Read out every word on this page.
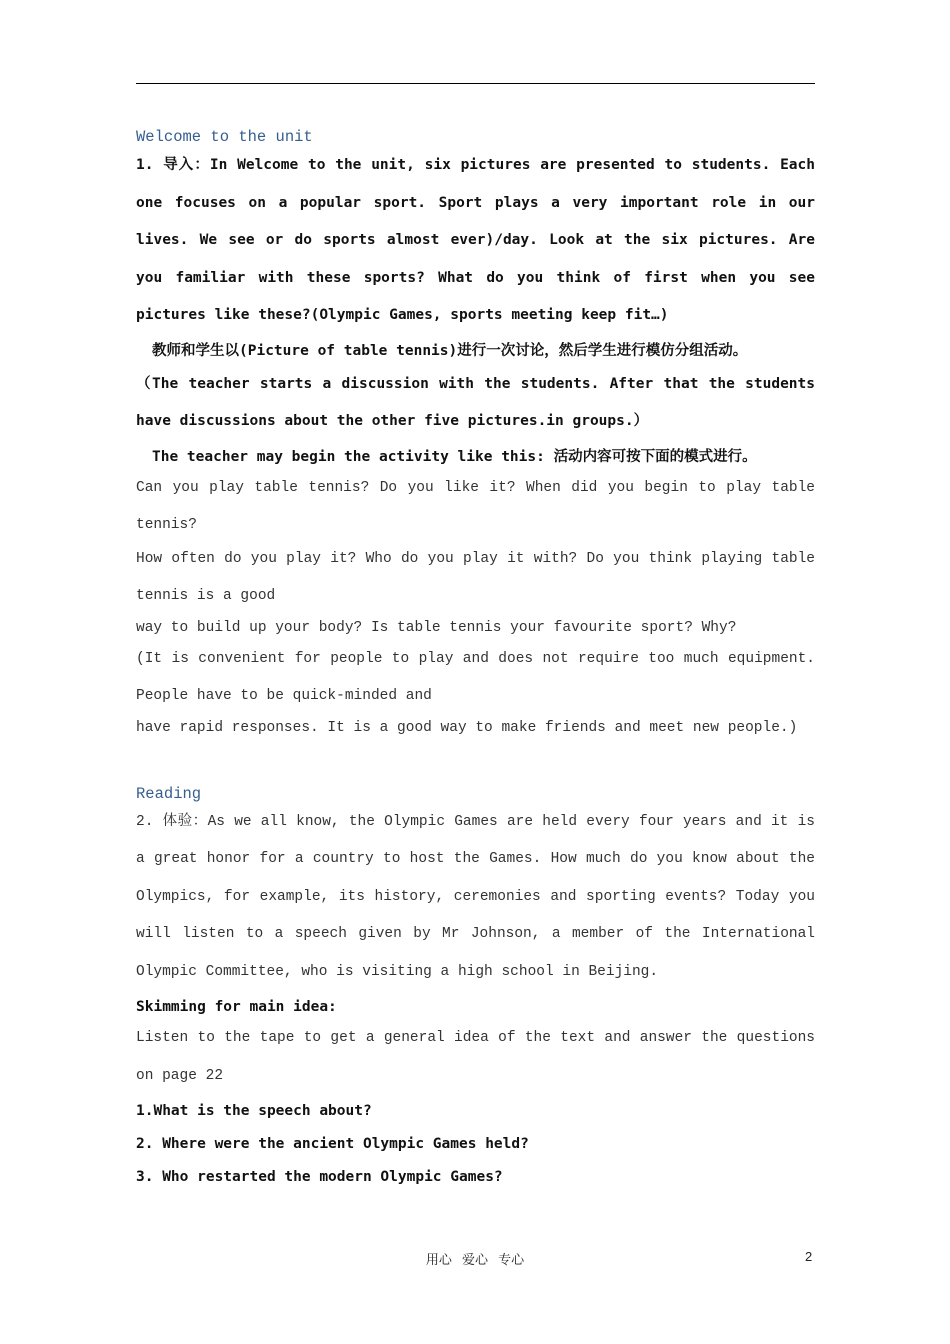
Welcome to the unit

1. 导入：In Welcome to the unit, six pictures are presented to students. Each one focuses on a popular sport. Sport plays a very important role in our lives. We see or do sports almost ever)/day. Look at the six pictures. Are you familiar with these sports? What do you think of first when you see pictures like these?(Olympic Games, sports meeting keep fit…)

教师和学生以(Picture of table tennis)进行一次讨论，然后学生进行模仿分组活动。

（The teacher starts a discussion with the students. After that the students have discussions about the other five pictures.in groups.）

The teacher may begin the activity like this: 活动内容可按下面的模式进行。

Can you play table tennis? Do you like it? When did you begin to play table tennis?

How often do you play it? Who do you play it with? Do you think playing table tennis is a good

way to build up your body? Is table tennis your favourite sport? Why?

(It is convenient for people to play and does not require too much equipment. People have to be quick-minded and

have rapid responses. It is a good way to make friends and meet new people.)

Reading

2. 体验：As we all know, the Olympic Games are held every four years and it is a great honor for a country to host the Games. How much do you know about the Olympics, for example, its history, ceremonies and sporting events? Today you will listen to a speech given by Mr Johnson, a member of the International Olympic Committee, who is visiting a high school in Beijing.

Skimming for main idea:

Listen to the tape to get a general idea of the text and answer the questions on page 22

1.What is the speech about?

2. Where were the ancient Olympic Games held?

3. Who restarted the modern Olympic Games?

用心 爱心 专心	2
